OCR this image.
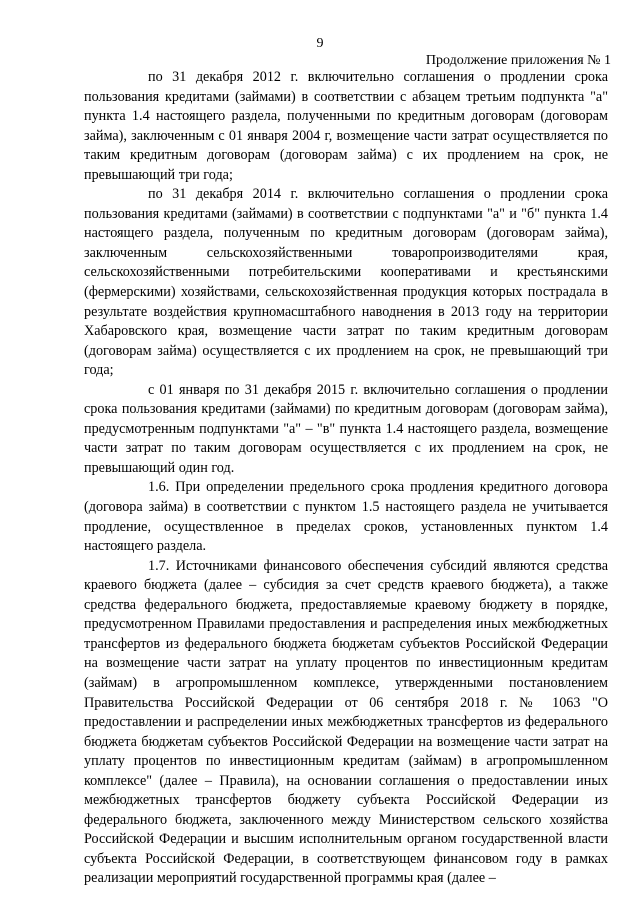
9
Продолжение приложения № 1

по 31 декабря 2012 г. включительно соглашения о продлении срока пользования кредитами (займами) в соответствии с абзацем третьим подпункта "а" пункта 1.4 настоящего раздела, полученными по кредитным договорам (договорам займа), заключенным с 01 января 2004 г, возмещение части затрат осуществляется по таким кредитным договорам (договорам займа) с их продлением на срок, не превышающий три года;

по 31 декабря 2014 г. включительно соглашения о продлении срока пользования кредитами (займами) в соответствии с подпунктами "а" и "б" пункта 1.4 настоящего раздела, полученным по кредитным договорам (договорам займа), заключенным сельскохозяйственными товаропроизводителями края, сельскохозяйственными потребительскими кооперативами и крестьянскими (фермерскими) хозяйствами, сельскохозяйственная продукция которых пострадала в результате воздействия крупномасштабного наводнения в 2013 году на территории Хабаровского края, возмещение части затрат по таким кредитным договорам (договорам займа) осуществляется с их продлением на срок, не превышающий три года;

с 01 января по 31 декабря 2015 г. включительно соглашения о продлении срока пользования кредитами (займами) по кредитным договорам (договорам займа), предусмотренным подпунктами "а" – "в" пункта 1.4 настоящего раздела, возмещение части затрат по таким договорам осуществляется с их продлением на срок, не превышающий один год.

1.6. При определении предельного срока продления кредитного договора (договора займа) в соответствии с пунктом 1.5 настоящего раздела не учитывается продление, осуществленное в пределах сроков, установленных пунктом 1.4 настоящего раздела.

1.7. Источниками финансового обеспечения субсидий являются средства краевого бюджета (далее – субсидия за счет средств краевого бюджета), а также средства федерального бюджета, предоставляемые краевому бюджету в порядке, предусмотренном Правилами предоставления и распределения иных межбюджетных трансфертов из федерального бюджета бюджетам субъектов Российской Федерации на возмещение части затрат на уплату процентов по инвестиционным кредитам (займам) в агропромышленном комплексе, утвержденными постановлением Правительства Российской Федерации от 06 сентября 2018 г. № 1063 "О предоставлении и распределении иных межбюджетных трансфертов из федерального бюджета бюджетам субъектов Российской Федерации на возмещение части затрат на уплату процентов по инвестиционным кредитам (займам) в агропромышленном комплексе" (далее – Правила), на основании соглашения о предоставлении иных межбюджетных трансфертов бюджету субъекта Российской Федерации из федерального бюджета, заключенного между Министерством сельского хозяйства Российской Федерации и высшим исполнительным органом государственной власти субъекта Российской Федерации, в соответствующем финансовом году в рамках реализации мероприятий государственной программы края (далее –
